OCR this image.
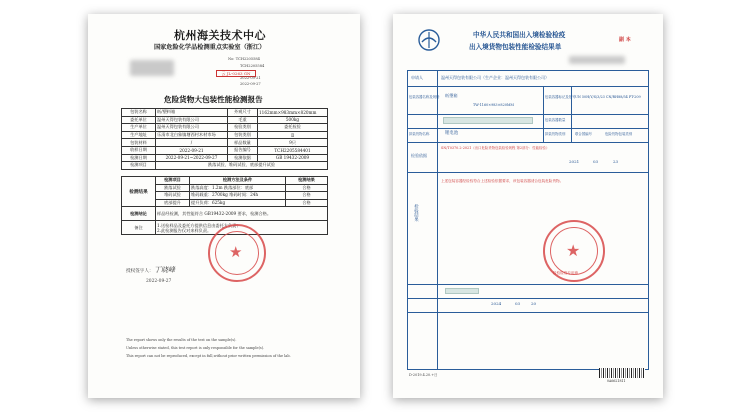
杭州海关技术中心
国家危险化学品检测重点实验室（浙江）
No: TCH2205584
TCH2205584
云 JL-0263 GN
2022-09-21
2022-09-27
危险货物大包装性能检测报告
包装名称	纸/塑料箱	外观尺寸	1162mm×983mm×820mm
委托单位	温州天得包装有限公司	毛重	500kg
生产单位	温州天得包装有限公司	检验类别	委托检验
生产地址	乐清市北白象镇塘西村木材市场	包装类别	Ⅱ
包装材料	/	样品数量	9只
收样日期	2022-09-21	报告编号	TCH2205584401
检测日期	2022-09-21~2022-09-27	检测依据	GB 19432-2009
检测项目	跌落试验、堆码试验、底部提升试验		
检测结果	检测项目	检测方法及条件	检测结果
	跌落试验	跌落高度：1.2m 跌落部位：底部	合格
	堆码试验	堆码载重：2700kg 堆码时间：24h	合格
	底部提升	提升负荷：625kg	合格
检测结论	样品经检测，其性能符合 GB19432-2009 要求，检测合格。		
备注	1.送检样品及委托方提供信息由委托方负责；
2.此检测报告仅对来样负责。		
★
授权签字人： 丁晓峰
2022-09-27
The report shows only the results of the test on the sample(s).
Unless otherwise stated, this test report is only responsible for the sample(s).
This report can not be reproduced, except in full,without prior written permission of the lab.
中华人民共和国出入境检验检疫
出入境货物包装性能检验结果单
副 本
申请人	温州天得包装有限公司（生产企业：温州天得包装有限公司）
包装容器名称及规格 纸塑箱
TW-1160×983×820MM
包装容器标记及批号 UN 50H/Y/S/3/23 CN/RH88/54 PT-209
包装容器数量
拟装货物名称	锂电池	拟装货物类别	联合国编号	危险货物包装类别
检验依据
SN/T0370.2-2021《出口危险货物包装检验规程 第2部分：性能检验》
2021	03	23
检验结果
上述包装容器经检验符合上述检验依据要求，该包装容器适合包装危险货物。
★
检验检疫专用章
2024	03	20
D-2019.4.20.+日
0A6621811
